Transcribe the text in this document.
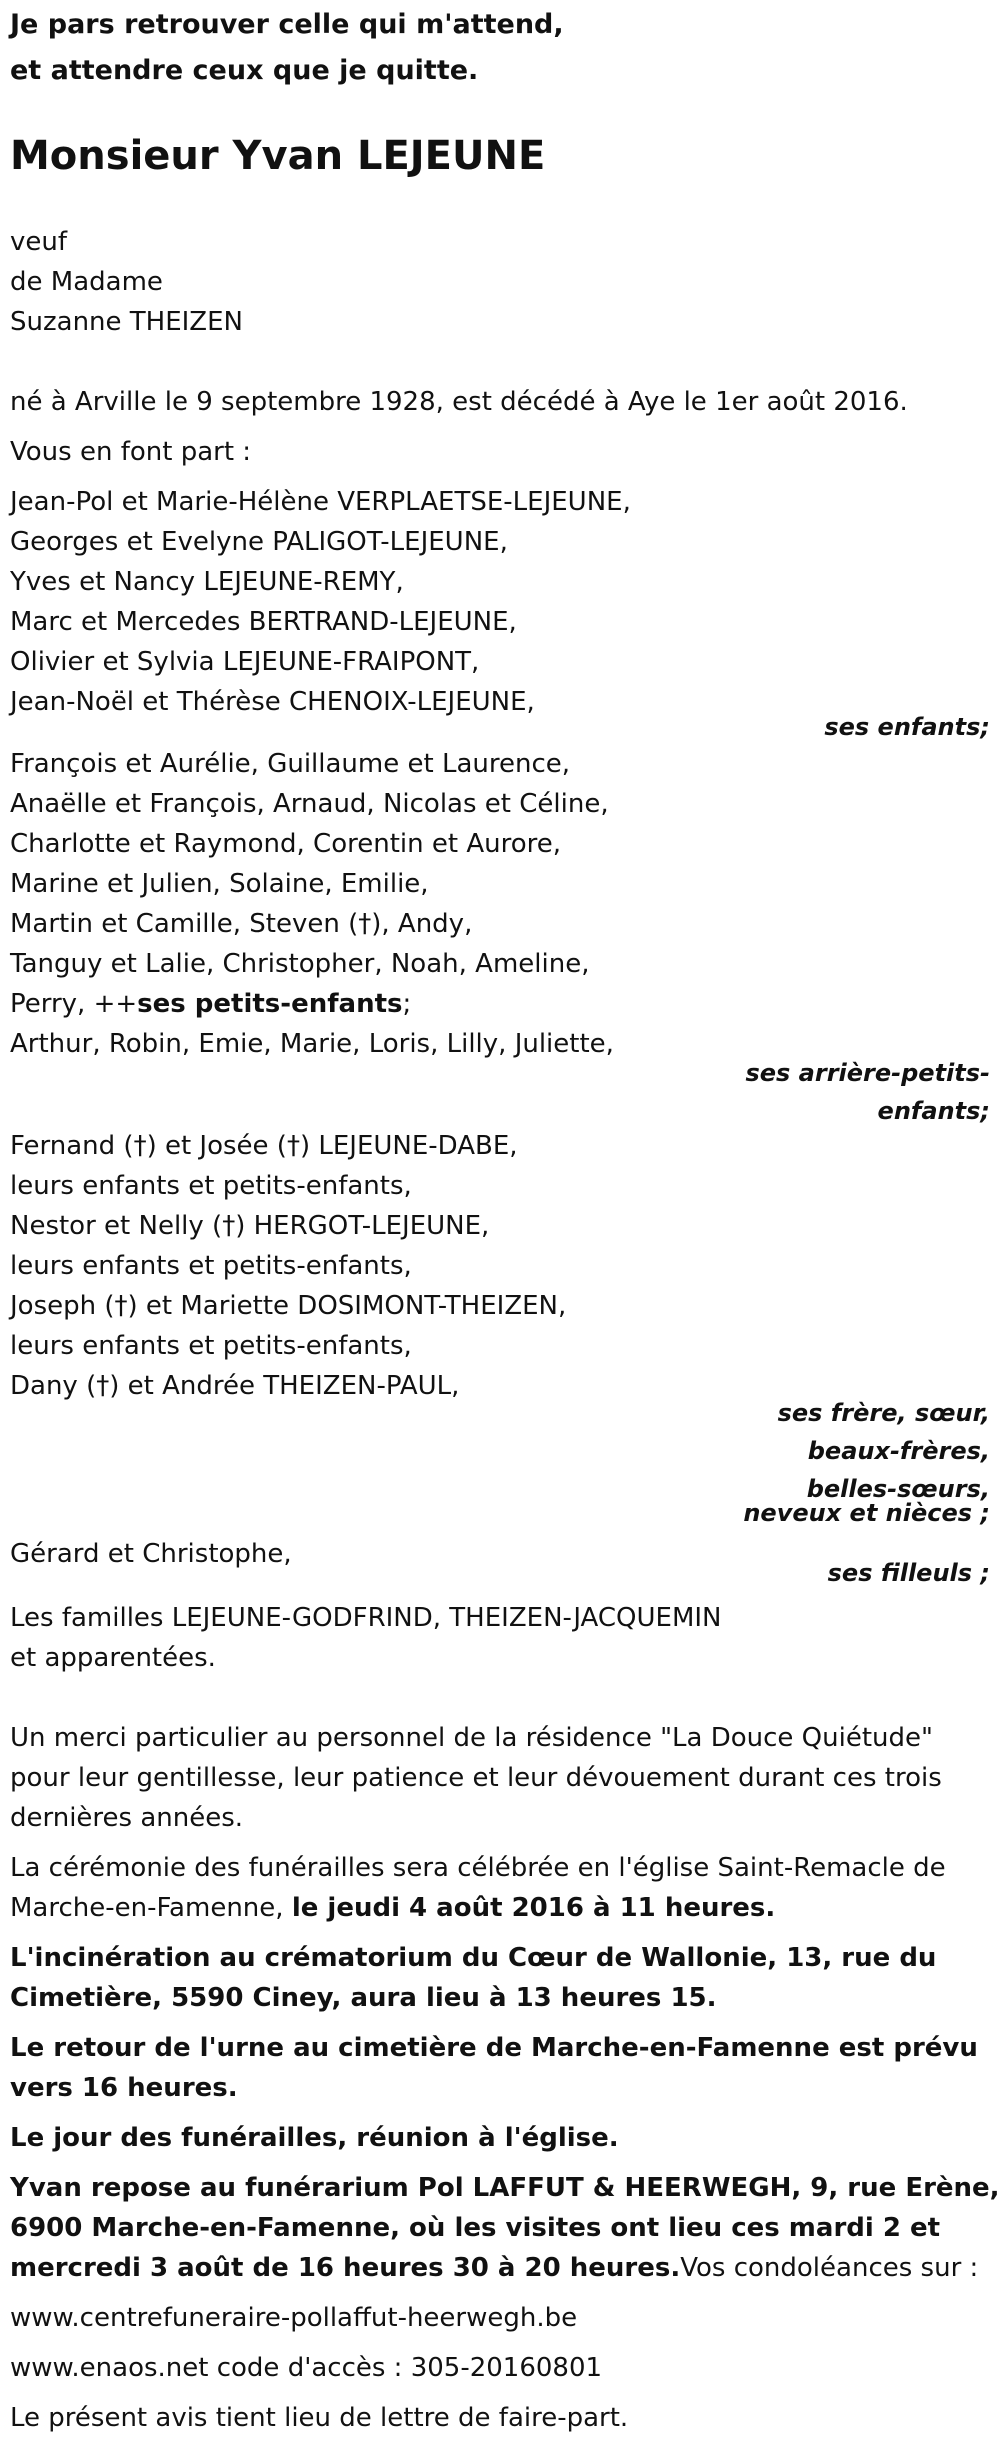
Je pars retrouver celle qui m'attend,
et attendre ceux que je quitte.
Monsieur Yvan LEJEUNE
veuf
de Madame
Suzanne THEIZEN
né à Arville le 9 septembre 1928, est décédé à Aye le 1er août 2016.
Vous en font part :
Jean-Pol et Marie-Hélène VERPLAETSE-LEJEUNE,
Georges et Evelyne PALIGOT-LEJEUNE,
Yves et Nancy LEJEUNE-REMY,
Marc et Mercedes BERTRAND-LEJEUNE,
Olivier et Sylvia LEJEUNE-FRAIPONT,
Jean-Noël et Thérèse CHENOIX-LEJEUNE,
ses enfants;
François et Aurélie, Guillaume et Laurence,
Anaëlle et François, Arnaud, Nicolas et Céline,
Charlotte et Raymond, Corentin et Aurore,
Marine et Julien, Solaine, Emilie,
Martin et Camille, Steven (†), Andy,
Tanguy et Lalie, Christopher, Noah, Ameline,
Perry, ++ses petits-enfants;
Arthur, Robin, Emie, Marie, Loris, Lilly, Juliette,
ses arrière-petits-
enfants;
Fernand (†) et Josée (†) LEJEUNE-DABE,
leurs enfants et petits-enfants,
Nestor et Nelly (†) HERGOT-LEJEUNE,
leurs enfants et petits-enfants,
Joseph (†) et Mariette DOSIMONT-THEIZEN,
leurs enfants et petits-enfants,
Dany (†) et Andrée THEIZEN-PAUL,
ses frère, sœur,
beaux-frères,
belles-sœurs,
neveux et nièces ;
Gérard et Christophe,
ses filleuls ;
Les familles LEJEUNE-GODFRIND, THEIZEN-JACQUEMIN
et apparentées.
Un merci particulier au personnel de la résidence "La Douce Quiétude"
pour leur gentillesse, leur patience et leur dévouement durant ces trois
dernières années.
La cérémonie des funérailles sera célébrée en l'église Saint-Remacle de
Marche-en-Famenne, le jeudi 4 août 2016 à 11 heures.
L'incinération au crématorium du Cœur de Wallonie, 13, rue du
Cimetière, 5590 Ciney, aura lieu à 13 heures 15.
Le retour de l'urne au cimetière de Marche-en-Famenne est prévu
vers 16 heures.
Le jour des funérailles, réunion à l'église.
Yvan repose au funérarium Pol LAFFUT & HEERWEGH, 9, rue Erène,
6900 Marche-en-Famenne, où les visites ont lieu ces mardi 2 et
mercredi 3 août de 16 heures 30 à 20 heures.Vos condoléances sur :
www.centrefuneraire-pollaffut-heerwegh.be
www.enaos.net code d'accès : 305-20160801
Le présent avis tient lieu de lettre de faire-part.
